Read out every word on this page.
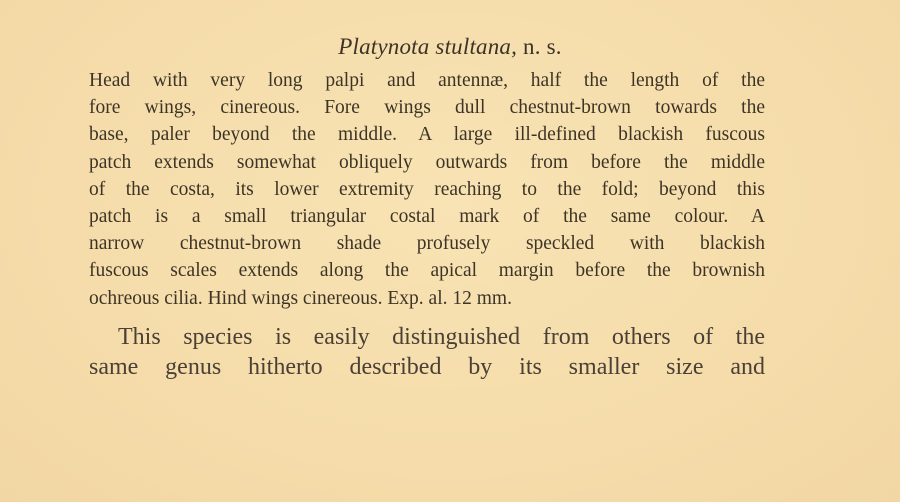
Platynota stultana, n. s.
Head with very long palpi and antennæ, half the length of the
fore wings, cinereous. Fore wings dull chestnut-brown towards the
base, paler beyond the middle. A large ill-defined blackish fuscous
patch extends somewhat obliquely outwards from before the middle
of the costa, its lower extremity reaching to the fold; beyond this
patch is a small triangular costal mark of the same colour. A
narrow chestnut-brown shade profusely speckled with blackish
fuscous scales extends along the apical margin before the brownish
ochreous cilia. Hind wings cinereous. Exp. al. 12 mm.
This species is easily distinguished from others of the
same genus hitherto described by its smaller size and
